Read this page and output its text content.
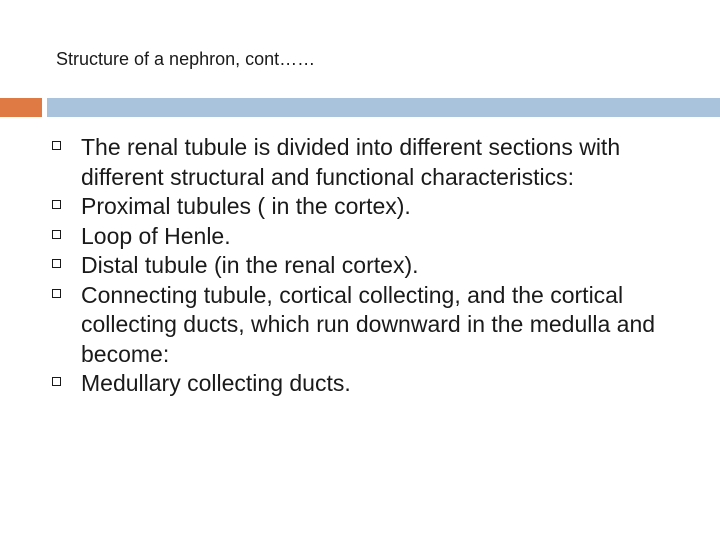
Structure of a nephron, cont……
The renal tubule is divided into different sections with different structural and functional characteristics:
Proximal tubules ( in the cortex).
Loop of Henle.
Distal tubule (in the renal cortex).
Connecting tubule, cortical collecting, and the cortical collecting ducts, which run downward in the medulla and become:
Medullary collecting ducts.
